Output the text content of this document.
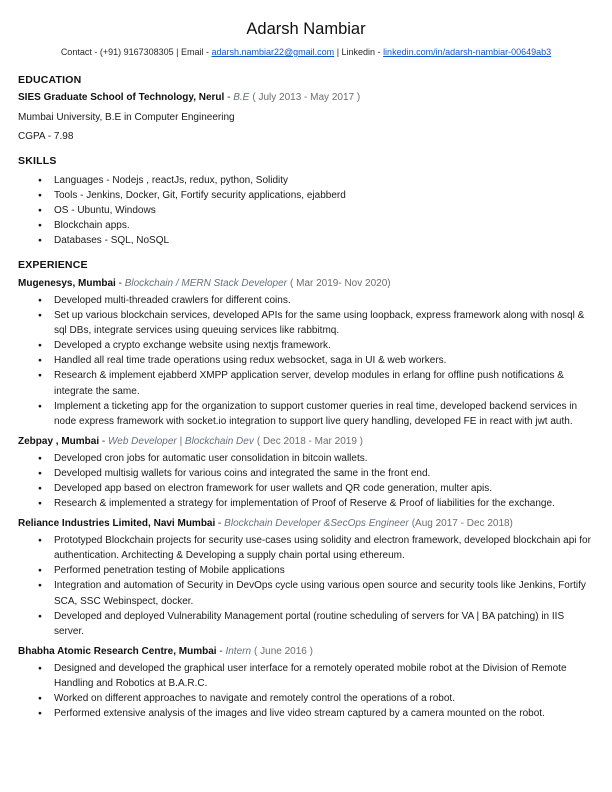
Adarsh Nambiar

Contact - (+91) 9167308305 | Email - adarsh.nambiar22@gmail.com | Linkedin - linkedin.com/in/adarsh-nambiar-00649ab3

EDUCATION

SIES Graduate School of Technology, Nerul - B.E ( July 2013 - May 2017 )

Mumbai University, B.E in Computer Engineering

CGPA - 7.98

SKILLS
●	Languages - Nodejs , reactJs, redux, python, Solidity
●	Tools - Jenkins, Docker, Git, Fortify security applications, ejabberd
●	OS - Ubuntu, Windows
●	Blockchain apps.
●	Databases - SQL, NoSQL
EXPERIENCE

Mugenesys, Mumbai - Blockchain / MERN Stack Developer ( Mar 2019- Nov 2020)

●	Developed multi-threaded crawlers for different coins.
●	Set up various blockchain services, developed APIs for the same using loopback, express framework along with nosql & sql DBs, integrate services using queuing services like rabbitmq.
●	Developed a crypto exchange website using nextjs framework.
●	Handled all real time trade operations using redux websocket, saga in UI & web workers.
●	Research & implement ejabberd XMPP application server, develop modules in erlang for offline push notifications & integrate the same.
●	Implement a ticketing app for the organization to support customer queries in real time, developed backend services in node express framework with socket.io integration to support live query handling, developed FE in react with jwt auth.

Zebpay , Mumbai - Web Developer | Blockchain Dev ( Dec 2018 - Mar 2019 )

●	Developed cron jobs for automatic user consolidation in bitcoin wallets.
●	Developed multisig wallets for various coins and integrated the same in the front end.
●	Developed app based on electron framework for user wallets and QR code generation, multer apis.
●	Research & implemented a strategy for implementation of Proof of Reserve & Proof of liabilities for the exchange.

Reliance Industries Limited, Navi Mumbai - Blockchain Developer &SecOps Engineer (Aug 2017 - Dec 2018)

●	Prototyped Blockchain projects for security use-cases using solidity and electron framework, developed blockchain api for authentication. Architecting & Developing a supply chain portal using ethereum.
●	Performed penetration testing of Mobile applications
●	Integration and automation of Security in DevOps cycle using various open source and security tools like Jenkins, Fortify SCA, SSC Webinspect, docker.
●	Developed and deployed Vulnerability Management portal (routine scheduling of servers for VA | BA patching) in IIS server.

Bhabha Atomic Research Centre, Mumbai - Intern ( June 2016 )

●	Designed and developed the graphical user interface for a remotely operated mobile robot at the Division of Remote Handling and Robotics at B.A.R.C.
●	Worked on different approaches to navigate and remotely control the operations of a robot.
●	Performed extensive analysis of the images and live video stream captured by a camera mounted on the robot.
